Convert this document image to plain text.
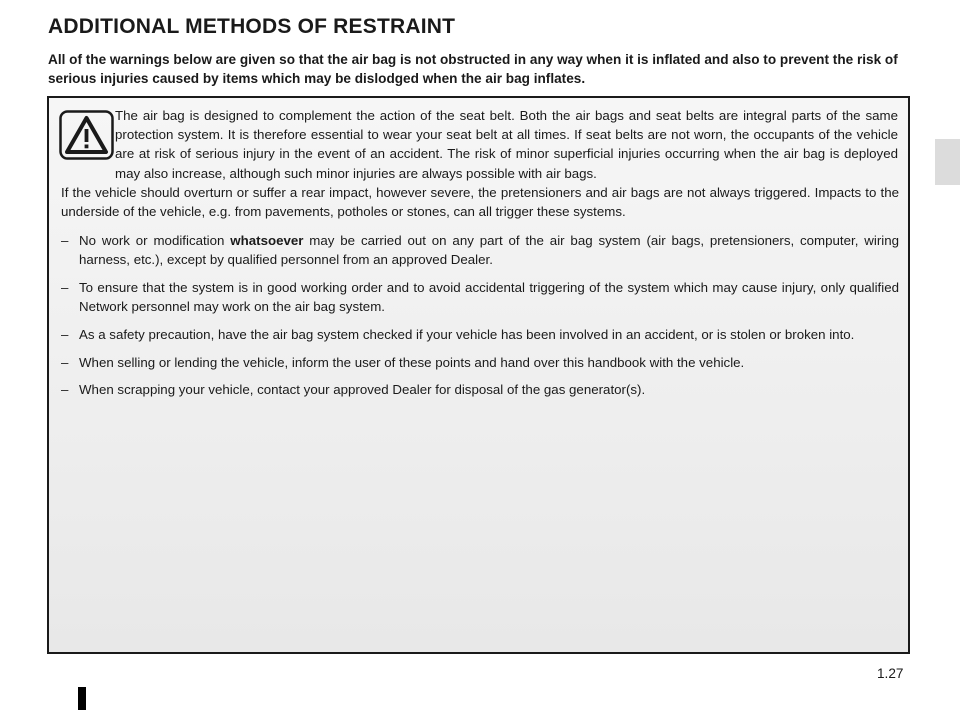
ADDITIONAL METHODS OF RESTRAINT

All of the warnings below are given so that the air bag is not obstructed in any way when it is inflated and also to prevent the risk of serious injuries caused by items which may be dislodged when the air bag inflates.

The air bag is designed to complement the action of the seat belt. Both the air bags and seat belts are integral parts of the same protection system. It is therefore essential to wear your seat belt at all times. If seat belts are not worn, the occupants of the vehicle are at risk of serious injury in the event of an accident. The risk of minor superficial injuries occurring when the air bag is deployed may also increase, although such minor injuries are always possible with air bags.

If the vehicle should overturn or suffer a rear impact, however severe, the pretensioners and air bags are not always triggered. Impacts to the underside of the vehicle, e.g. from pavements, potholes or stones, can all trigger these systems.

– No work or modification whatsoever may be carried out on any part of the air bag system (air bags, pretensioners, computer, wiring harness, etc.), except by qualified personnel from an approved Dealer.
– To ensure that the system is in good working order and to avoid accidental triggering of the system which may cause injury, only qualified Network personnel may work on the air bag system.
– As a safety precaution, have the air bag system checked if your vehicle has been involved in an accident, or is stolen or broken into.
– When selling or lending the vehicle, inform the user of these points and hand over this handbook with the vehicle.
– When scrapping your vehicle, contact your approved Dealer for disposal of the gas generator(s).
1.27
